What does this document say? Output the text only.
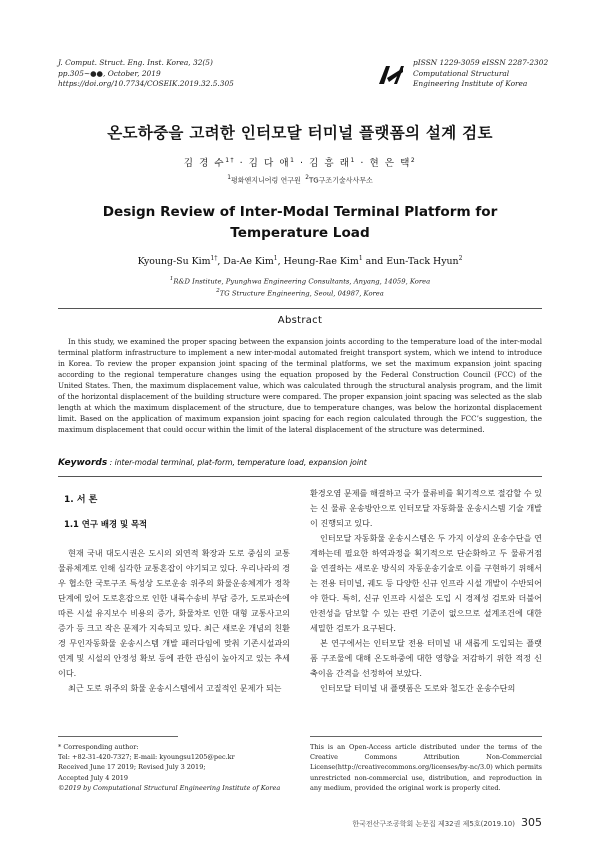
J. Comput. Struct. Eng. Inst. Korea, 32(5)
pp.305~●●, October, 2019
https://doi.org/10.7734/COSEIK.2019.32.5.305
pISSN 1229-3059 eISSN 2287-2302
Computational Structural
Engineering Institute of Korea
온도하중을 고려한 인터모달 터미널 플랫폼의 설계 검토
김 경 수$^{1\dagger}$ · 김 다 애$^1$ · 김 흥 래$^1$ · 현 은 택$^2$
$^1$평화엔지니어링 연구원  $^2$TG구조기술사사무소
Design Review of Inter-Modal Terminal Platform for
Temperature Load
Kyoung-Su Kim$^{1\dagger}$, Da-Ae Kim$^1$, Heung-Rae Kim$^1$ and Eun-Tack Hyun$^2$
$^1$R&D Institute, Pyunghwa Engineering Consultants, Anyang, 14059, Korea
$^2$TG Structure Engineering, Seoul, 04987, Korea
Abstract

In this study, we examined the proper spacing between the expansion joints according to the temperature load of the inter-modal terminal platform infrastructure to implement a new inter-modal automated freight transport system, which we intend to introduce in Korea. To review the proper expansion joint spacing of the terminal platforms, we set the maximum expansion joint spacing according to the regional temperature changes using the equation proposed by the Federal Construction Council (FCC) of the United States. Then, the maximum displacement value, which was calculated through the structural analysis program, and the limit of the horizontal displacement of the building structure were compared. The proper expansion joint spacing was selected as the slab length at which the maximum displacement of the structure, due to temperature changes, was below the horizontal displacement limit. Based on the application of maximum expansion joint spacing for each region calculated through the FCC’s suggestion, the maximum displacement that could occur within the limit of the lateral displacement of the structure was determined.

Keywords : inter-modal terminal, plat-form, temperature load, expansion joint
1. 서 론
1.1 연구 배경 및 목적

현재 국내 대도시권은 도시의 외연적 확장과 도로 중심의 교통물류체계로 인해 심각한 교통혼잡이 야기되고 있다. 우리나라의 경우 협소한 국토구조 특성상 도로운송 위주의 화물운송체계가 정착단계에 있어 도로혼잡으로 인한 내륙수송비 부담 증가, 도로파손에 따른 시설 유지보수 비용의 증가, 화물차로 인한 대형 교통사고의 증가 등 크고 작은 문제가 지속되고 있다. 최근 새로운 개념의 친환경 무인자동화물 운송시스템 개발 패러다임에 맞춰 기존시설과의 연계 및 시설의 안정성 확보 등에 관한 관심이 높아지고 있는 추세이다.

최근 도로 위주의 화물 운송시스템에서 고질적인 문제가 되는

환경오염 문제를 해결하고 국가 물류비를 획기적으로 절감할 수 있는 신 물류 운송방안으로 인터모달 자동화물 운송시스템 기술 개발이 진행되고 있다.

인터모달 자동화물 운송시스템은 두 가지 이상의 운송수단을 연계하는데 필요한 하역과정을 획기적으로 단순화하고 두 물류거점을 연결하는 새로운 방식의 자동운송기술로 이를 구현하기 위해서는 전용 터미널, 궤도 등 다양한 신규 인프라 시설 개발이 수반되어야 한다. 특히, 신규 인프라 시설은 도입 시 경제성 검토와 더불어 안전성을 담보할 수 있는 관련 기준이 없으므로 설계조건에 대한 세밀한 검토가 요구된다.

본 연구에서는 인터모달 전용 터미널 내 새롭게 도입되는 플랫폼 구조물에 대해 온도하중에 대한 영향을 저감하기 위한 적정 신축이음 간격을 선정하여 보았다.

인터모달 터미널 내 플랫폼은 도로와 철도간 운송수단의

* Corresponding author:
Tel: +82-31-420-7327; E-mail: kyoungsu1205@pec.kr
Received June 17 2019; Revised July 3 2019;
Accepted July 4 2019
©2019 by Computational Structural Engineering Institute of Korea
This is an Open-Access article distributed under the terms of the Creative Commons Attribution Non-Commercial License(http://creativecommons.org/licenses/by-nc/3.0) which permits unrestricted non-commercial use, distribution, and reproduction in any medium, provided the original work is properly cited.
한국전산구조공학회 논문집 제32권 제5호(2019.10) 305
